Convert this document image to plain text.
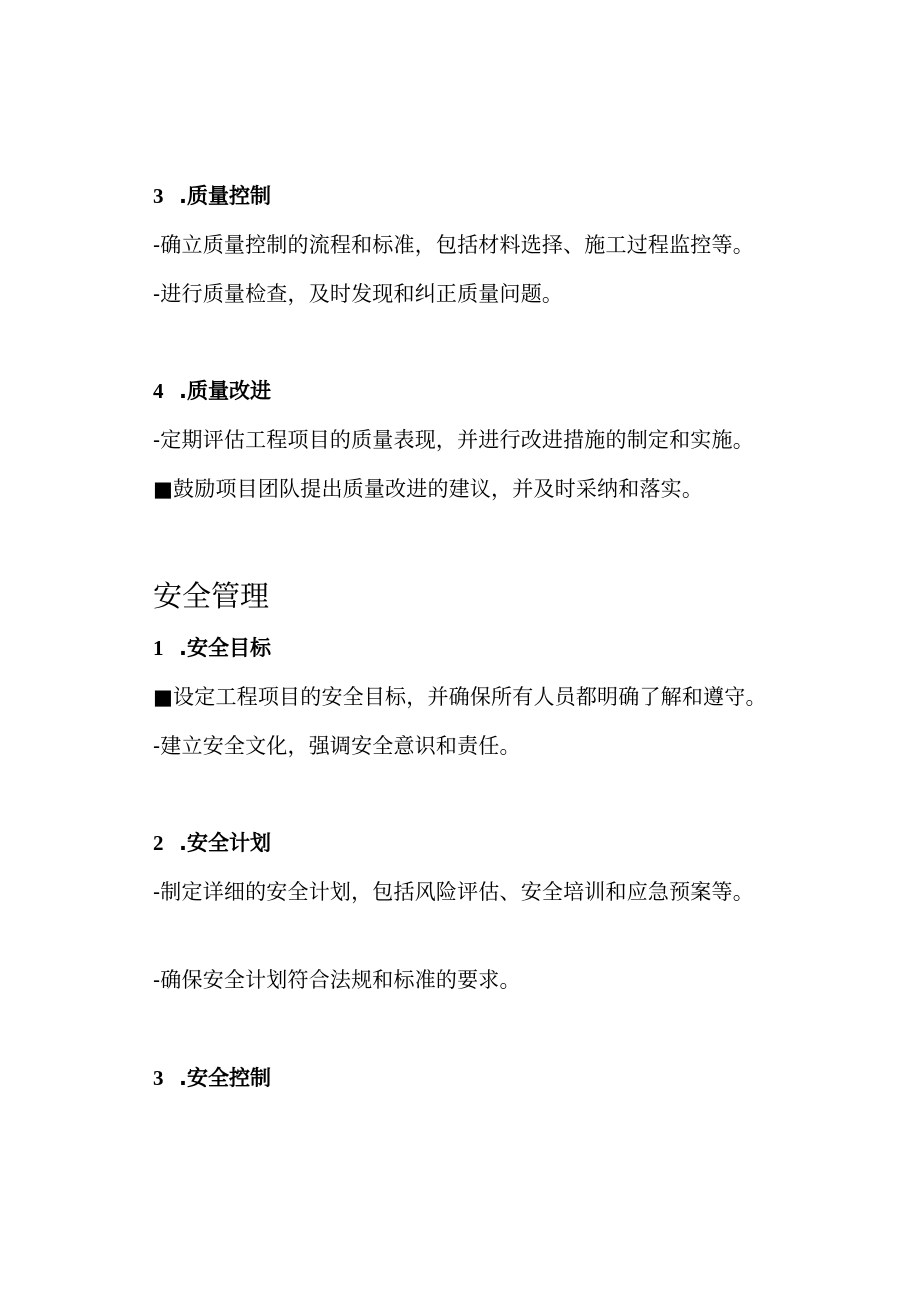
3 .质量控制
-确立质量控制的流程和标准，包括材料选择、施工过程监控等。
-进行质量检查，及时发现和纠正质量问题。
4 .质量改进
-定期评估工程项目的质量表现，并进行改进措施的制定和实施。
■鼓励项目团队提出质量改进的建议，并及时采纳和落实。
安全管理
1 .安全目标
■设定工程项目的安全目标，并确保所有人员都明确了解和遵守。
-建立安全文化，强调安全意识和责任。
2 .安全计划
-制定详细的安全计划，包括风险评估、安全培训和应急预案等。
-确保安全计划符合法规和标准的要求。
3 .安全控制
